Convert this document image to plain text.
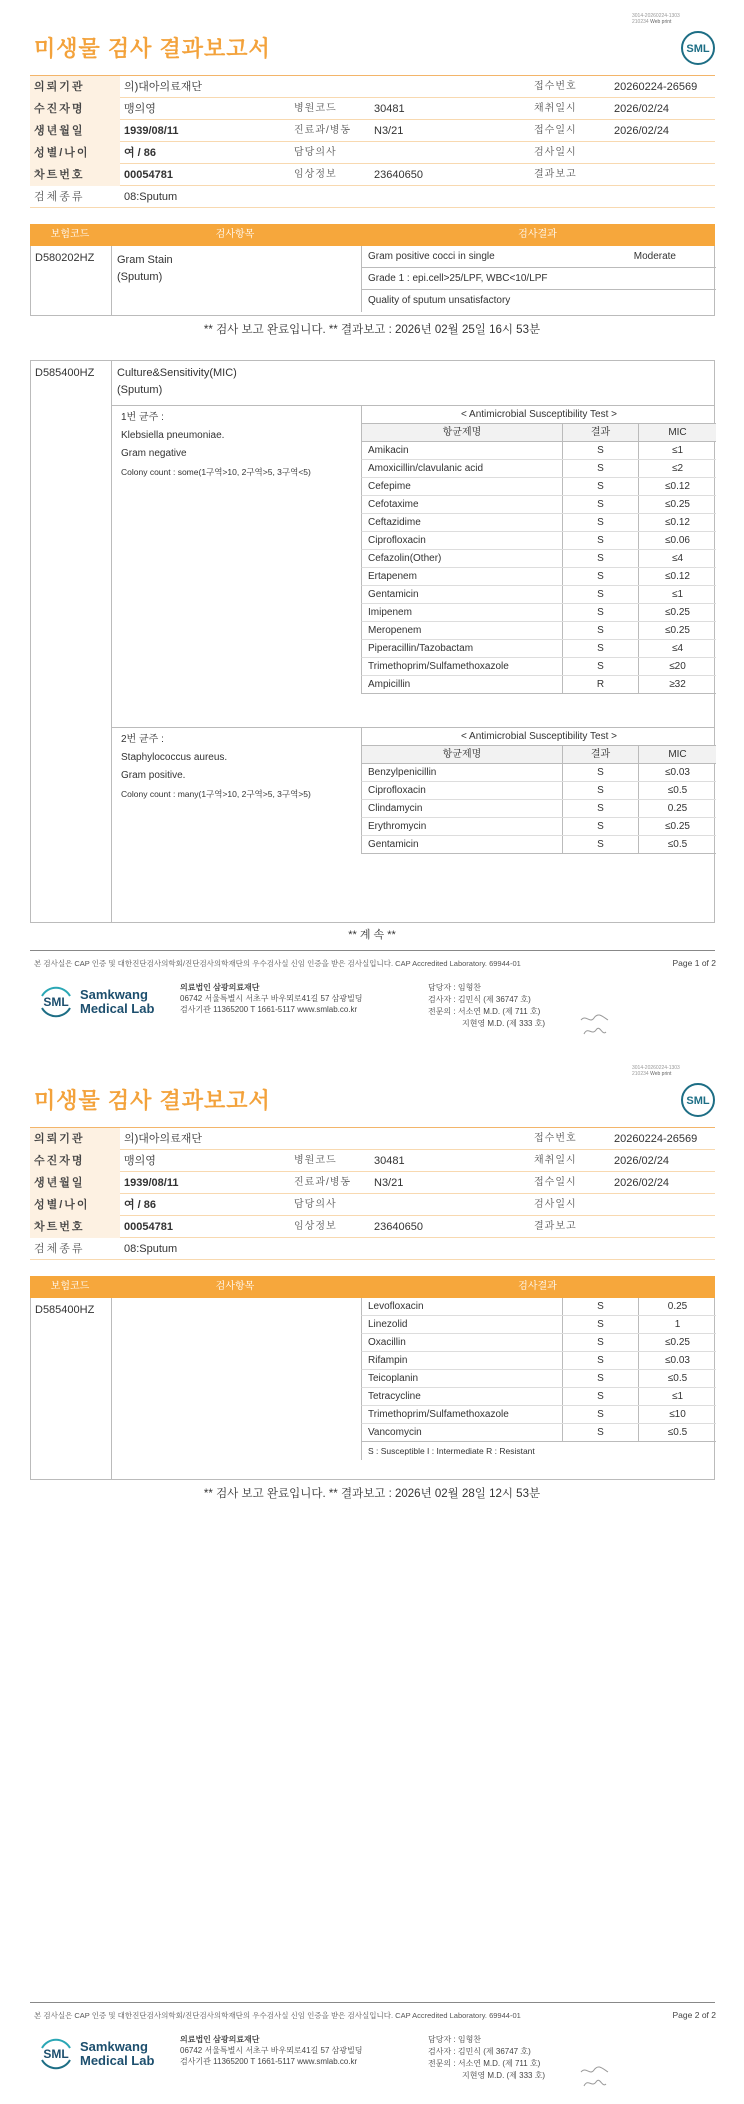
3014-20260224-1303
210234 Web print
SML
미생물 검사 결과보고서
의뢰기관	의)대아의료재단	접수번호	20260224-26569
수진자명	맹의영	병원코드	30481	채취일시	2026/02/24
생년월일	1939/08/11	진료과/병동	N3/21	접수일시	2026/02/24
성별/나이	여 / 86	담당의사	검사일시
차트번호	00054781	임상정보	23640650	결과보고
검체종류	08:Sputum
보험코드	검사항목	검사결과
D580202HZ	Gram Stain
(Sputum)
Gram positive cocci in single	Moderate
Grade 1 : epi.cell>25/LPF, WBC<10/LPF
Quality of sputum unsatisfactory
** 검사 보고 완료입니다. ** 결과보고 : 2026년 02월 25일 16시 53분
D585400HZ	Culture&Sensitivity(MIC)
(Sputum)
1번 균주 :
Klebsiella pneumoniae.
Gram negative
Colony count : some(1구역>10, 2구역>5, 3구역<5)
< Antimicrobial Susceptibility Test >
항균제명	결과	MIC
Amikacin	S	≤1
Amoxicillin/clavulanic acid	S	≤2
Cefepime	S	≤0.12
Cefotaxime	S	≤0.25
Ceftazidime	S	≤0.12
Ciprofloxacin	S	≤0.06
Cefazolin(Other)	S	≤4
Ertapenem	S	≤0.12
Gentamicin	S	≤1
Imipenem	S	≤0.25
Meropenem	S	≤0.25
Piperacillin/Tazobactam	S	≤4
Trimethoprim/Sulfamethoxazole	S	≤20
Ampicillin	R	≥32
2번 균주 :
Staphylococcus aureus.
Gram positive.
Colony count : many(1구역>10, 2구역>5, 3구역>5)
< Antimicrobial Susceptibility Test >
항균제명	결과	MIC
Benzylpenicillin	S	≤0.03
Ciprofloxacin	S	≤0.5
Clindamycin	S	0.25
Erythromycin	S	≤0.25
Gentamicin	S	≤0.5
** 계 속 **
본 검사실은 CAP 인증 및 대한진단검사의학회/진단검사의학재단의 우수검사실 신임 인증을 받은 검사실입니다. CAP Accredited Laboratory. 69944-01	Page 1 of 2
SML Samkwang
Medical Lab
의료법인 삼광의료재단
06742 서울특별시 서초구 바우뫼로41길 57 삼광빌딩
검사기관 11365200 T 1661-5117 www.smlab.co.kr
담당자 : 임형찬
검사자 : 김민식 (제 36747 호)
전문의 : 서소연 M.D. (제 711 호)
지현영 M.D. (제 333 호)
3014-20260224-1303
210234 Web print
SML
미생물 검사 결과보고서
의뢰기관	의)대아의료재단	접수번호	20260224-26569
수진자명	맹의영	병원코드	30481	채취일시	2026/02/24
생년월일	1939/08/11	진료과/병동	N3/21	접수일시	2026/02/24
성별/나이	여 / 86	담당의사	검사일시
차트번호	00054781	임상정보	23640650	결과보고
검체종류	08:Sputum
보험코드	검사항목	검사결과
D585400HZ	Levofloxacin	S	0.25
Linezolid	S	1
Oxacillin	S	≤0.25
Rifampin	S	≤0.03
Teicoplanin	S	≤0.5
Tetracycline	S	≤1
Trimethoprim/Sulfamethoxazole	S	≤10
Vancomycin	S	≤0.5
S : Susceptible I : Intermediate R : Resistant
** 검사 보고 완료입니다. ** 결과보고 : 2026년 02월 28일 12시 53분
본 검사실은 CAP 인증 및 대한진단검사의학회/진단검사의학재단의 우수검사실 신임 인증을 받은 검사실입니다. CAP Accredited Laboratory. 69944-01	Page 2 of 2
SML Samkwang
Medical Lab
의료법인 삼광의료재단
06742 서울특별시 서초구 바우뫼로41길 57 삼광빌딩
검사기관 11365200 T 1661-5117 www.smlab.co.kr
담당자 : 임형찬
검사자 : 김민식 (제 36747 호)
전문의 : 서소연 M.D. (제 711 호)
지현영 M.D. (제 333 호)
